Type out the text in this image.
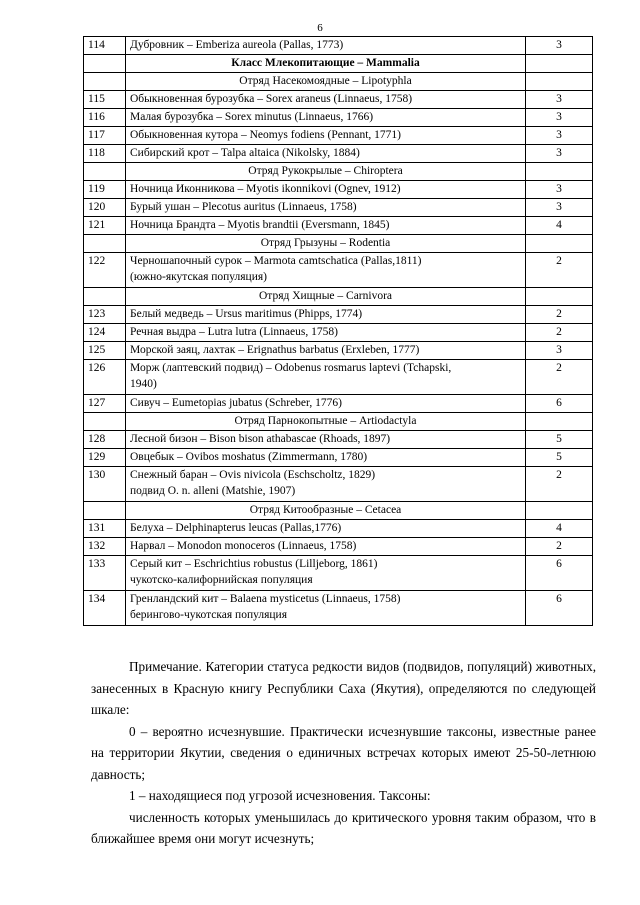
6
114	Дубровник – Emberiza aureola (Pallas, 1773)	3
	Класс Млекопитающие – Mammalia	
	Отряд Насекомоядные – Lipotyphla	
115	Обыкновенная бурозубка – Sorex araneus (Linnaeus, 1758)	3
116	Малая бурозубка – Sorex minutus (Linnaeus, 1766)	3
117	Обыкновенная кутора – Neomys fodiens (Pennant, 1771)	3
118	Сибирский крот – Talpa altaica (Nikolsky, 1884)	3
	Отряд Рукокрылые – Chiroptera	
119	Ночница Иконникова – Myotis ikonnikovi (Ognev, 1912)	3
120	Бурый ушан – Plecotus auritus (Linnaeus, 1758)	3
121	Ночница Брандта – Myotis brandtii (Eversmann, 1845)	4
	Отряд Грызуны – Rodentia	
122	Черношапочный сурок – Marmota camtschatica (Pallas,1811)
(южно-якутская популяция)	2
	Отряд Хищные – Carnivora	
123	Белый медведь – Ursus maritimus (Phipps, 1774)	2
124	Речная выдра – Lutra lutra (Linnaeus, 1758)	2
125	Морской заяц, лахтак – Erignathus barbatus (Erxleben, 1777)	3
126	Морж (лаптевский подвид) – Odobenus rosmarus laptevi (Tchapski,
1940)	2
127	Сивуч – Eumetopias jubatus (Schreber, 1776)	6
	Отряд Парнокопытные – Artiodactyla	
128	Лесной бизон – Bison bison athabascae (Rhoads, 1897)	5
129	Овцебык – Ovibos moshatus (Zimmermann, 1780)	5
130	Снежный баран – Ovis nivicola (Eschscholtz, 1829)
подвид O. n. alleni (Matshie, 1907)	2
	Отряд Китообразные – Cetacea	
131	Белуха – Delphinapterus leucas (Pallas,1776)	4
132	Нарвал – Monodon monoceros (Linnaeus, 1758)	2
133	Серый кит – Eschrichtius robustus (Lilljeborg, 1861)
чукотско-калифорнийская популяция	6
134	Гренландский кит – Balaena mysticetus (Linnaeus, 1758)
берингово-чукотская популяция	6

Примечание. Категории статуса редкости видов (подвидов, популяций) животных, занесенных в Красную книгу Республики Саха (Якутия), определяются по следующей шкале:

0 – вероятно исчезнувшие. Практически исчезнувшие таксоны, известные ранее на территории Якутии, сведения о единичных встречах которых имеют 25-50-летнюю давность;

1 – находящиеся под угрозой исчезновения. Таксоны:

численность которых уменьшилась до критического уровня таким образом, что в ближайшее время они могут исчезнуть;
